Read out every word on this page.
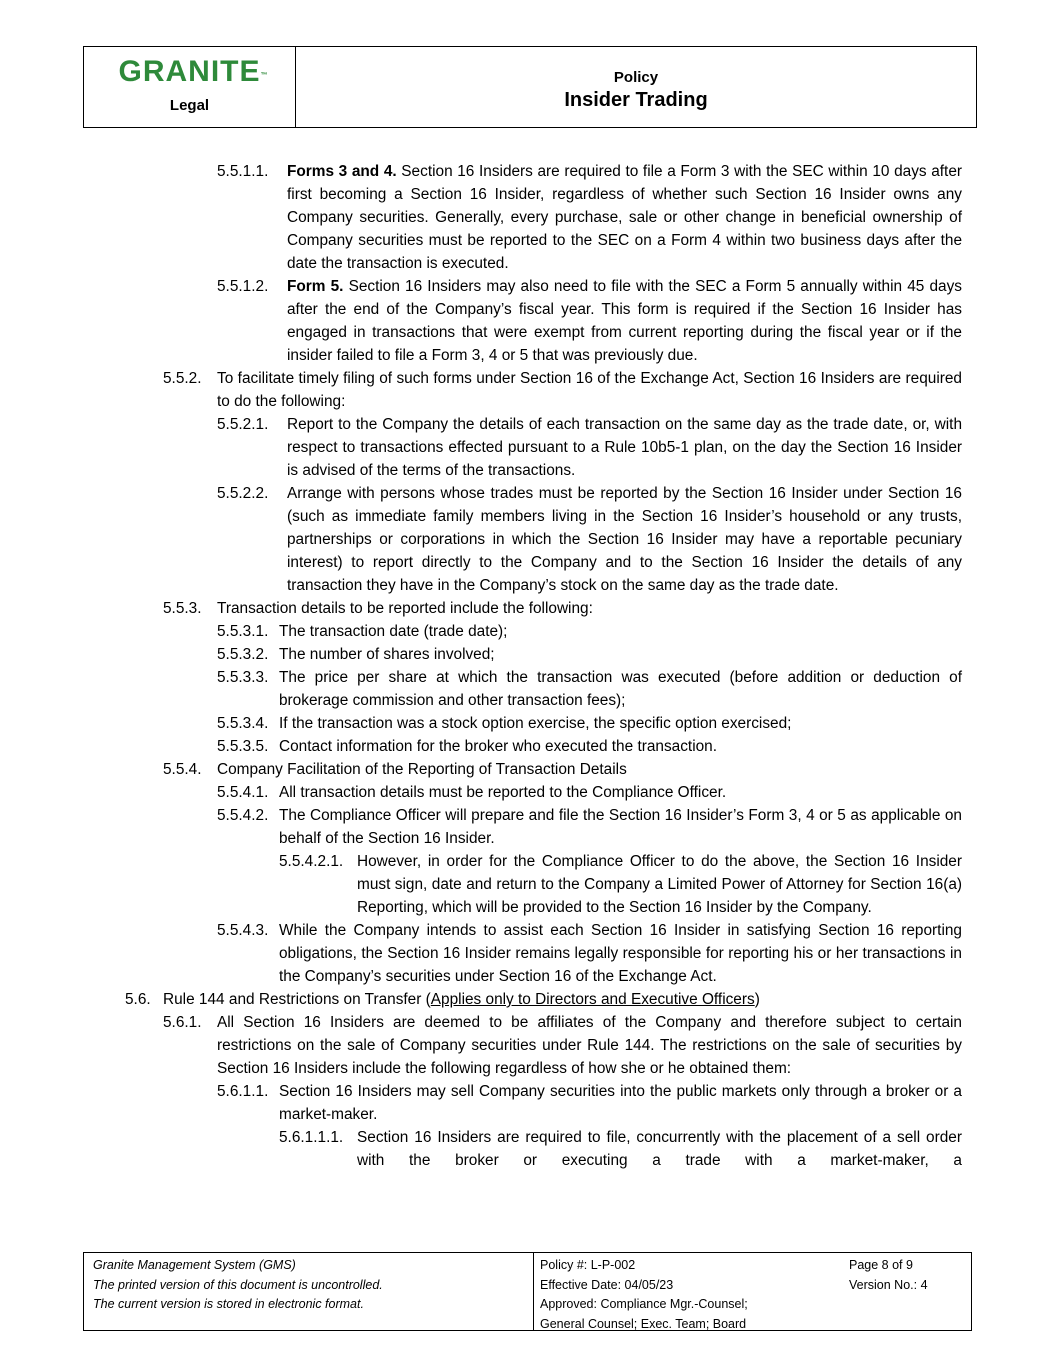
GRANITE ™
Legal
Policy
Insider Trading
5.5.1.1. Forms 3 and 4. Section 16 Insiders are required to file a Form 3 with the SEC within 10 days after first becoming a Section 16 Insider, regardless of whether such Section 16 Insider owns any Company securities. Generally, every purchase, sale or other change in beneficial ownership of Company securities must be reported to the SEC on a Form 4 within two business days after the date the transaction is executed.
5.5.1.2. Form 5. Section 16 Insiders may also need to file with the SEC a Form 5 annually within 45 days after the end of the Company’s fiscal year. This form is required if the Section 16 Insider has engaged in transactions that were exempt from current reporting during the fiscal year or if the insider failed to file a Form 3, 4 or 5 that was previously due.
5.5.2. To facilitate timely filing of such forms under Section 16 of the Exchange Act, Section 16 Insiders are required to do the following:
5.5.2.1. Report to the Company the details of each transaction on the same day as the trade date, or, with respect to transactions effected pursuant to a Rule 10b5-1 plan, on the day the Section 16 Insider is advised of the terms of the transactions.
5.5.2.2. Arrange with persons whose trades must be reported by the Section 16 Insider under Section 16 (such as immediate family members living in the Section 16 Insider’s household or any trusts, partnerships or corporations in which the Section 16 Insider may have a reportable pecuniary interest) to report directly to the Company and to the Section 16 Insider the details of any transaction they have in the Company’s stock on the same day as the trade date.
5.5.3. Transaction details to be reported include the following:
5.5.3.1. The transaction date (trade date);
5.5.3.2. The number of shares involved;
5.5.3.3. The price per share at which the transaction was executed (before addition or deduction of brokerage commission and other transaction fees);
5.5.3.4. If the transaction was a stock option exercise, the specific option exercised;
5.5.3.5. Contact information for the broker who executed the transaction.
5.5.4. Company Facilitation of the Reporting of Transaction Details
5.5.4.1. All transaction details must be reported to the Compliance Officer.
5.5.4.2. The Compliance Officer will prepare and file the Section 16 Insider’s Form 3, 4 or 5 as applicable on behalf of the Section 16 Insider.
5.5.4.2.1. However, in order for the Compliance Officer to do the above, the Section 16 Insider must sign, date and return to the Company a Limited Power of Attorney for Section 16(a) Reporting, which will be provided to the Section 16 Insider by the Company.
5.5.4.3. While the Company intends to assist each Section 16 Insider in satisfying Section 16 reporting obligations, the Section 16 Insider remains legally responsible for reporting his or her transactions in the Company’s securities under Section 16 of the Exchange Act.
5.6. Rule 144 and Restrictions on Transfer (Applies only to Directors and Executive Officers)
5.6.1. All Section 16 Insiders are deemed to be affiliates of the Company and therefore subject to certain restrictions on the sale of Company securities under Rule 144. The restrictions on the sale of securities by Section 16 Insiders include the following regardless of how she or he obtained them:
5.6.1.1. Section 16 Insiders may sell Company securities into the public markets only through a broker or a market-maker.
5.6.1.1.1. Section 16 Insiders are required to file, concurrently with the placement of a sell order with the broker or executing a trade with a market-maker, a
Granite Management System (GMS)
The printed version of this document is uncontrolled.
The current version is stored in electronic format.
Policy #: L-P-002
Effective Date: 04/05/23
Approved: Compliance Mgr.-Counsel;
General Counsel; Exec. Team; Board
Page 8 of 9
Version No.: 4
